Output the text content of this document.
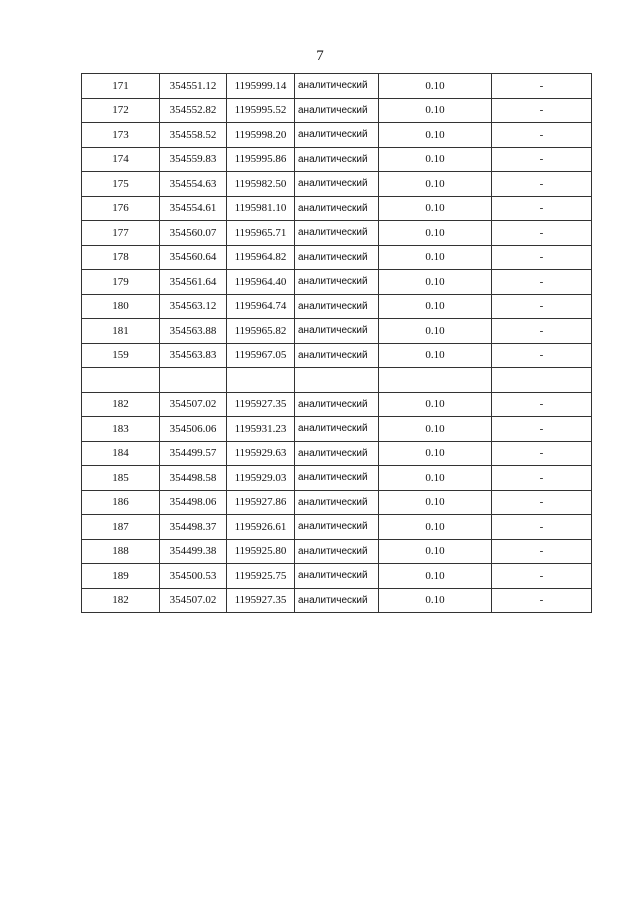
7
171	354551.12	1195999.14	аналитический	0.10	-
172	354552.82	1195995.52	аналитический	0.10	-
173	354558.52	1195998.20	аналитический	0.10	-
174	354559.83	1195995.86	аналитический	0.10	-
175	354554.63	1195982.50	аналитический	0.10	-
176	354554.61	1195981.10	аналитический	0.10	-
177	354560.07	1195965.71	аналитический	0.10	-
178	354560.64	1195964.82	аналитический	0.10	-
179	354561.64	1195964.40	аналитический	0.10	-
180	354563.12	1195964.74	аналитический	0.10	-
181	354563.88	1195965.82	аналитический	0.10	-
159	354563.83	1195967.05	аналитический	0.10	-

182	354507.02	1195927.35	аналитический	0.10	-
183	354506.06	1195931.23	аналитический	0.10	-
184	354499.57	1195929.63	аналитический	0.10	-
185	354498.58	1195929.03	аналитический	0.10	-
186	354498.06	1195927.86	аналитический	0.10	-
187	354498.37	1195926.61	аналитический	0.10	-
188	354499.38	1195925.80	аналитический	0.10	-
189	354500.53	1195925.75	аналитический	0.10	-
182	354507.02	1195927.35	аналитический	0.10	-
